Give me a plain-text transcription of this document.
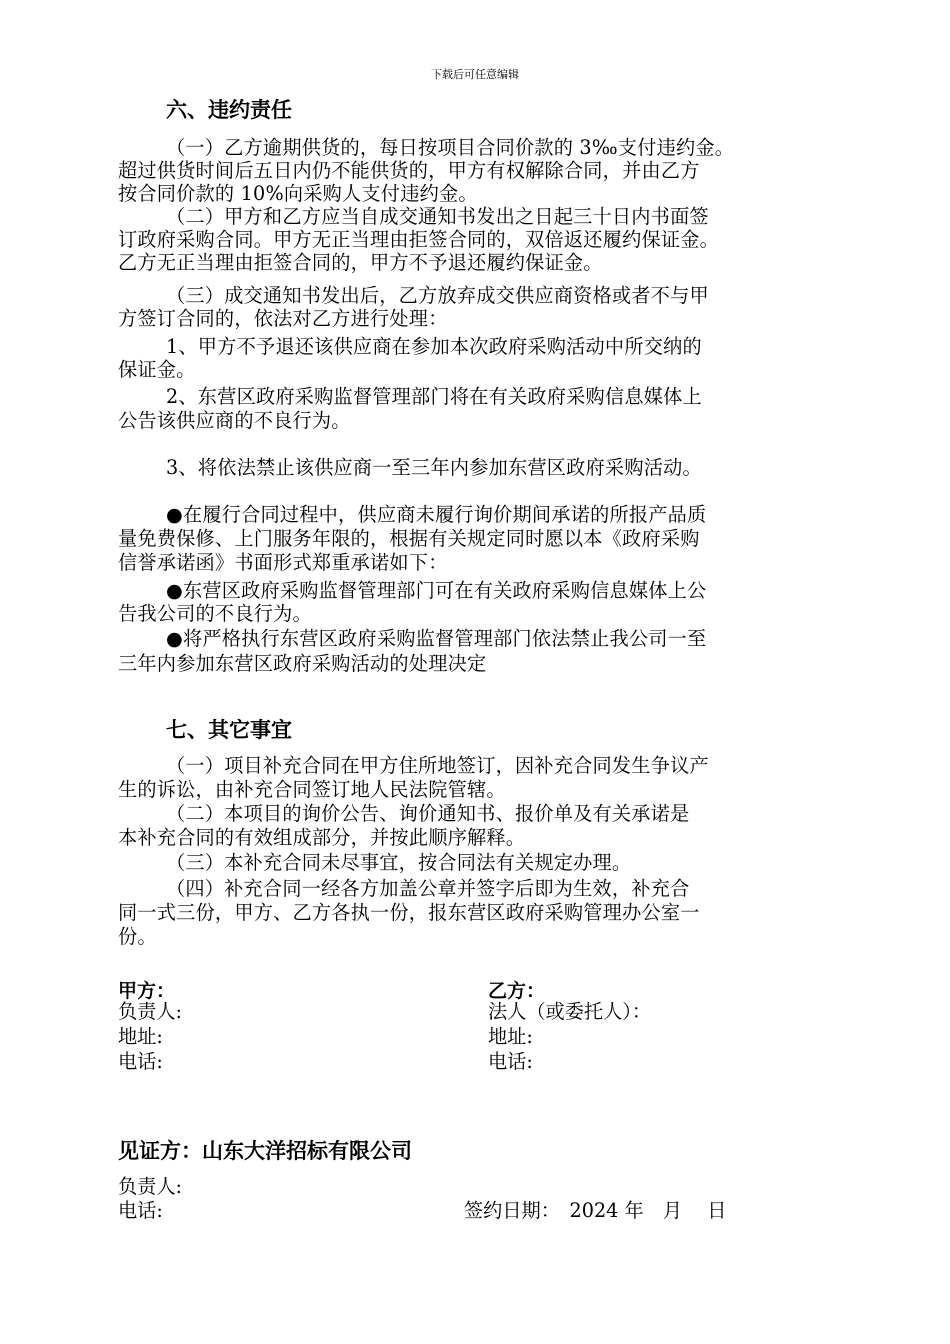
下载后可任意编辑
六、违约责任
（一）乙方逾期供货的，每日按项目合同价款的 3‰支付违约金。
超过供货时间后五日内仍不能供货的，甲方有权解除合同，并由乙方
按合同价款的 10%向采购人支付违约金。
（二）甲方和乙方应当自成交通知书发出之日起三十日内书面签
订政府采购合同。甲方无正当理由拒签合同的，双倍返还履约保证金。
乙方无正当理由拒签合同的，甲方不予退还履约保证金。
（三）成交通知书发出后，乙方放弃成交供应商资格或者不与甲
方签订合同的，依法对乙方进行处理：
1、甲方不予退还该供应商在参加本次政府采购活动中所交纳的
保证金。
2、东营区政府采购监督管理部门将在有关政府采购信息媒体上
公告该供应商的不良行为。
3、将依法禁止该供应商一至三年内参加东营区政府采购活动。
●在履行合同过程中，供应商未履行询价期间承诺的所报产品质
量免费保修、上门服务年限的，根据有关规定同时愿以本《政府采购
信誉承诺函》书面形式郑重承诺如下：
●东营区政府采购监督管理部门可在有关政府采购信息媒体上公
告我公司的不良行为。
●将严格执行东营区政府采购监督管理部门依法禁止我公司一至
三年内参加东营区政府采购活动的处理决定
七、其它事宜
（一）项目补充合同在甲方住所地签订，因补充合同发生争议产
生的诉讼，由补充合同签订地人民法院管辖。
（二）本项目的询价公告、询价通知书、报价单及有关承诺是
本补充合同的有效组成部分，并按此顺序解释。
（三）本补充合同未尽事宜，按合同法有关规定办理。
（四）补充合同一经各方加盖公章并签字后即为生效，补充合
同一式三份，甲方、乙方各执一份，报东营区政府采购管理办公室一
份。
甲方：
负责人:
地址:
电话:
乙方：
法人（或委托人）：
地址:
电话:
见证方：山东大洋招标有限公司
负责人:
电话:	签约日期：　2024 年　月　 日
